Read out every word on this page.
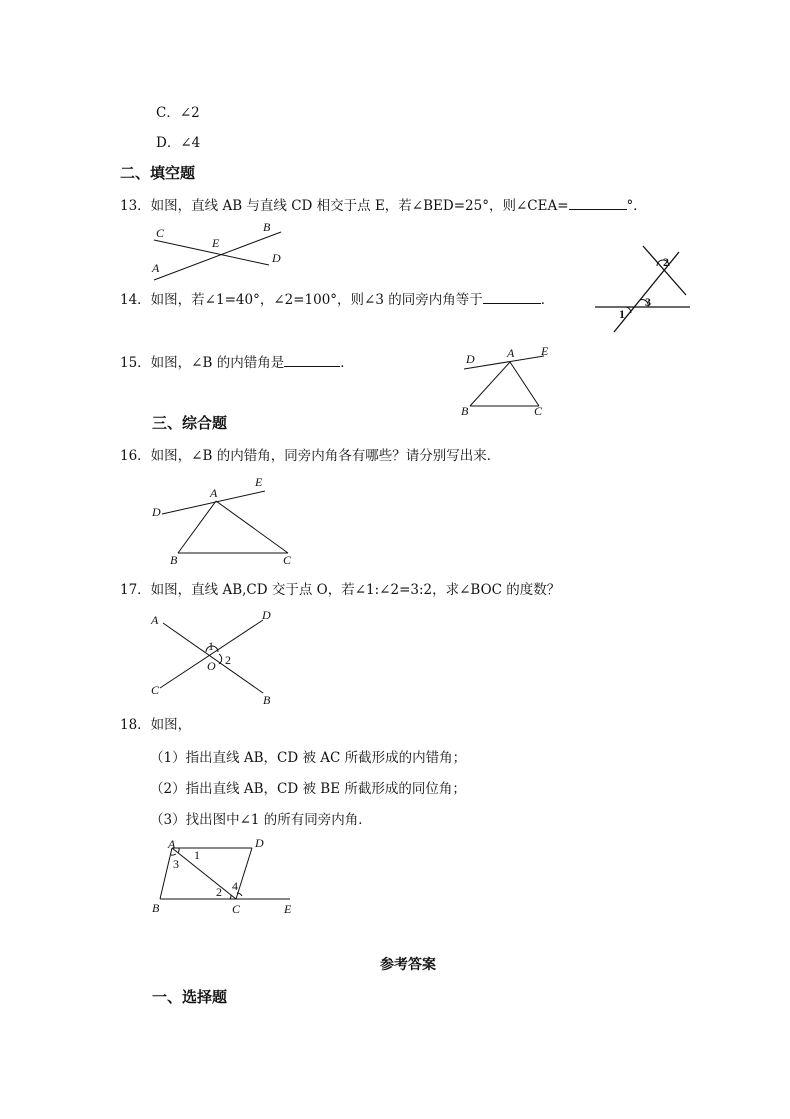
C．∠2
D．∠4
二、填空题
13．如图，直线 AB 与直线 CD 相交于点 E，若∠BED=25°，则∠CEA=	°．
C
E
B
A
D
14．如图，若∠1=40°，∠2=100°，则∠3 的同旁内角等于	．
2
3
1
15．如图，∠B 的内错角是	．	D	A E
B	C
三、综合题
16．如图，∠B 的内错角，同旁内角各有哪些？请分别写出来．
D
A
E
B	C
17．如图，直线 AB,CD 交于点 O，若∠1:∠2=3:2，求∠BOC 的度数？
A	D
1
2
O
C
B
18．如图，
（1）指出直线 AB，CD 被 AC 所截形成的内错角；
（2）指出直线 AB，CD 被 BE 所截形成的同位角；
（3）找出图中∠1 的所有同旁内角．
A	D
1
3
4
2
B	C	E
参考答案
一、选择题
